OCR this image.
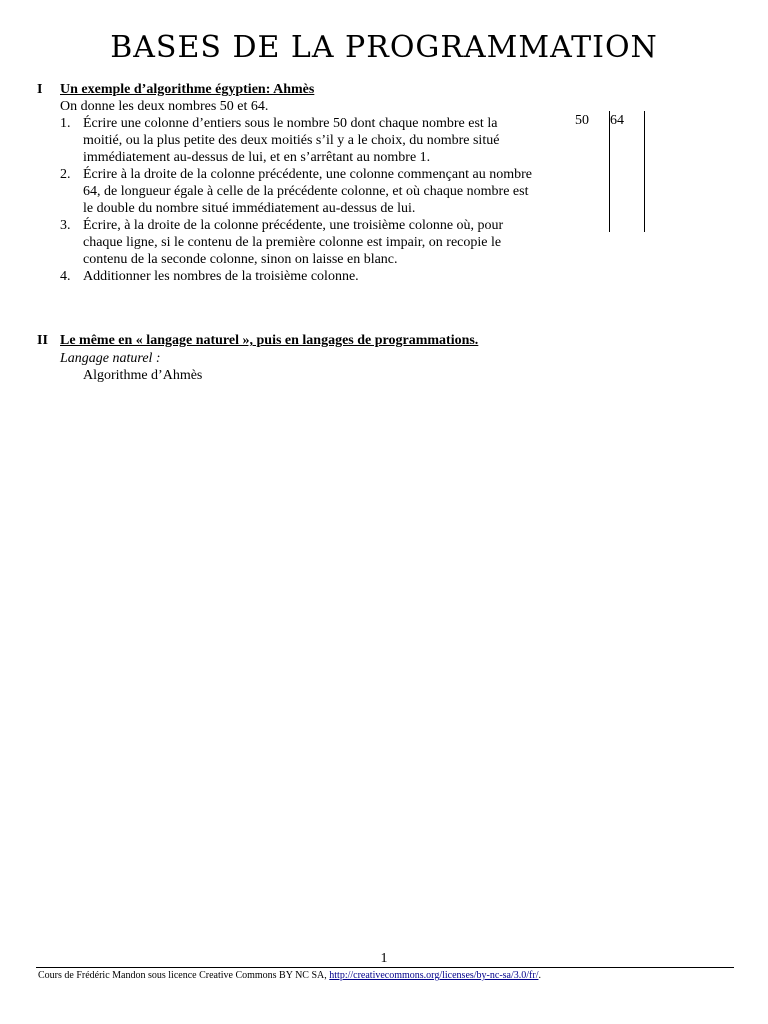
BASES DE LA PROGRAMMATION
I Un exemple d’algorithme égyptien: Ahmès
On donne les deux nombres 50 et 64.
1. Écrire une colonne d’entiers sous le nombre 50 dont chaque nombre est la moitié, ou la plus petite des deux moitiés s’il y a le choix, du nombre situé immédiatement au-dessus de lui, et en s’arrêtant au nombre 1.
2. Écrire à la droite de la colonne précédente, une colonne commençant au nombre 64, de longueur égale à celle de la précédente colonne, et où chaque nombre est le double du nombre situé immédiatement au-dessus de lui.
3. Écrire, à la droite de la colonne précédente, une troisième colonne où, pour chaque ligne, si le contenu de la première colonne est impair, on recopie le contenu de la seconde colonne, sinon on laisse en blanc.
4. Additionner les nombres de la troisième colonne.
50 64
II Le même en « langage naturel », puis en langages de programmations.
Langage naturel :
Algorithme d’Ahmès
1
Cours de Frédéric Mandon sous licence Creative Commons BY NC SA, http://creativecommons.org/licenses/by-nc-sa/3.0/fr/.
